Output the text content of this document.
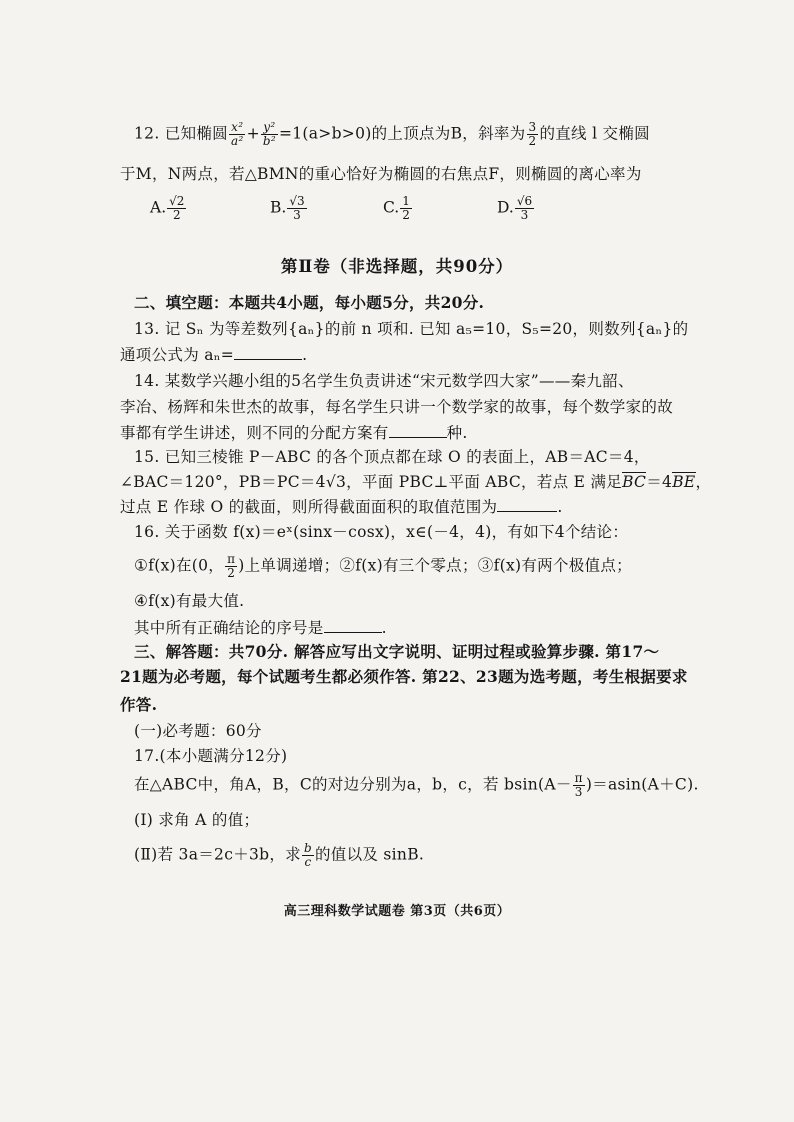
12. 已知椭圆 $\frac{\text{x²}}{\text{a²}} + \frac{\text{y²}}{\text{b²}} =1(a>b>0)$的上顶点为B，斜率为 $\frac{3}{2}$ 的直线 l 交椭圆
于M，N两点，若△BMN的重心恰好为椭圆的右焦点F，则椭圆的离心率为
A. $\frac{√2}{2}$	B. $\frac{√3}{3}$	C. $\frac{1}{2}$	D. $\frac{√6}{3}$
第Ⅱ卷（非选择题，共90分）
二、填空题：本题共4小题，每小题5分，共20分.
13. 记 Sₙ 为等差数列{aₙ}的前 n 项和. 已知 a₅=10，S₅=20，则数列{aₙ}的
通项公式为 aₙ=	.
14. 某数学兴趣小组的5名学生负责讲述“宋元数学四大家”——秦九韶、
李冶、杨辉和朱世杰的故事，每名学生只讲一个数学家的故事，每个数学家的故
事都有学生讲述，则不同的分配方案有	种.
15. 已知三棱锥 P－ABC 的各个顶点都在球 O 的表面上，AB＝AC＝4，
∠BAC＝120°，PB＝PC＝4√3，平面 PBC⊥平面 ABC，若点 E 满足BC＝4BE，
过点 E 作球 O 的截面，则所得截面面积的取值范围为	.
16. 关于函数 f(x)＝eˣ(sinx－cosx)，x∈(－4，4)，有如下4个结论：
①f(x)在(0， $\frac{\pi}{2}$ )上单调递增；②f(x)有三个零点；③f(x)有两个极值点；
④f(x)有最大值.
其中所有正确结论的序号是	.
三、解答题：共70分. 解答应写出文字说明、证明过程或验算步骤. 第17～
21题为必考题，每个试题考生都必须作答. 第22、23题为选考题，考生根据要求
作答.
(一)必考题：60分
17.(本小题满分12分)
在△ABC中，角A，B，C的对边分别为a，b，c，若 $bsin(A- \frac{\pi}{3} )=asin(A+C)$.
(Ⅰ) 求角 A 的值；
(Ⅱ)若 3a＝2c＋3b，求 $\frac{b}{c}$ 的值以及 sinB.
高三理科数学试题卷 第3页（共6页）
